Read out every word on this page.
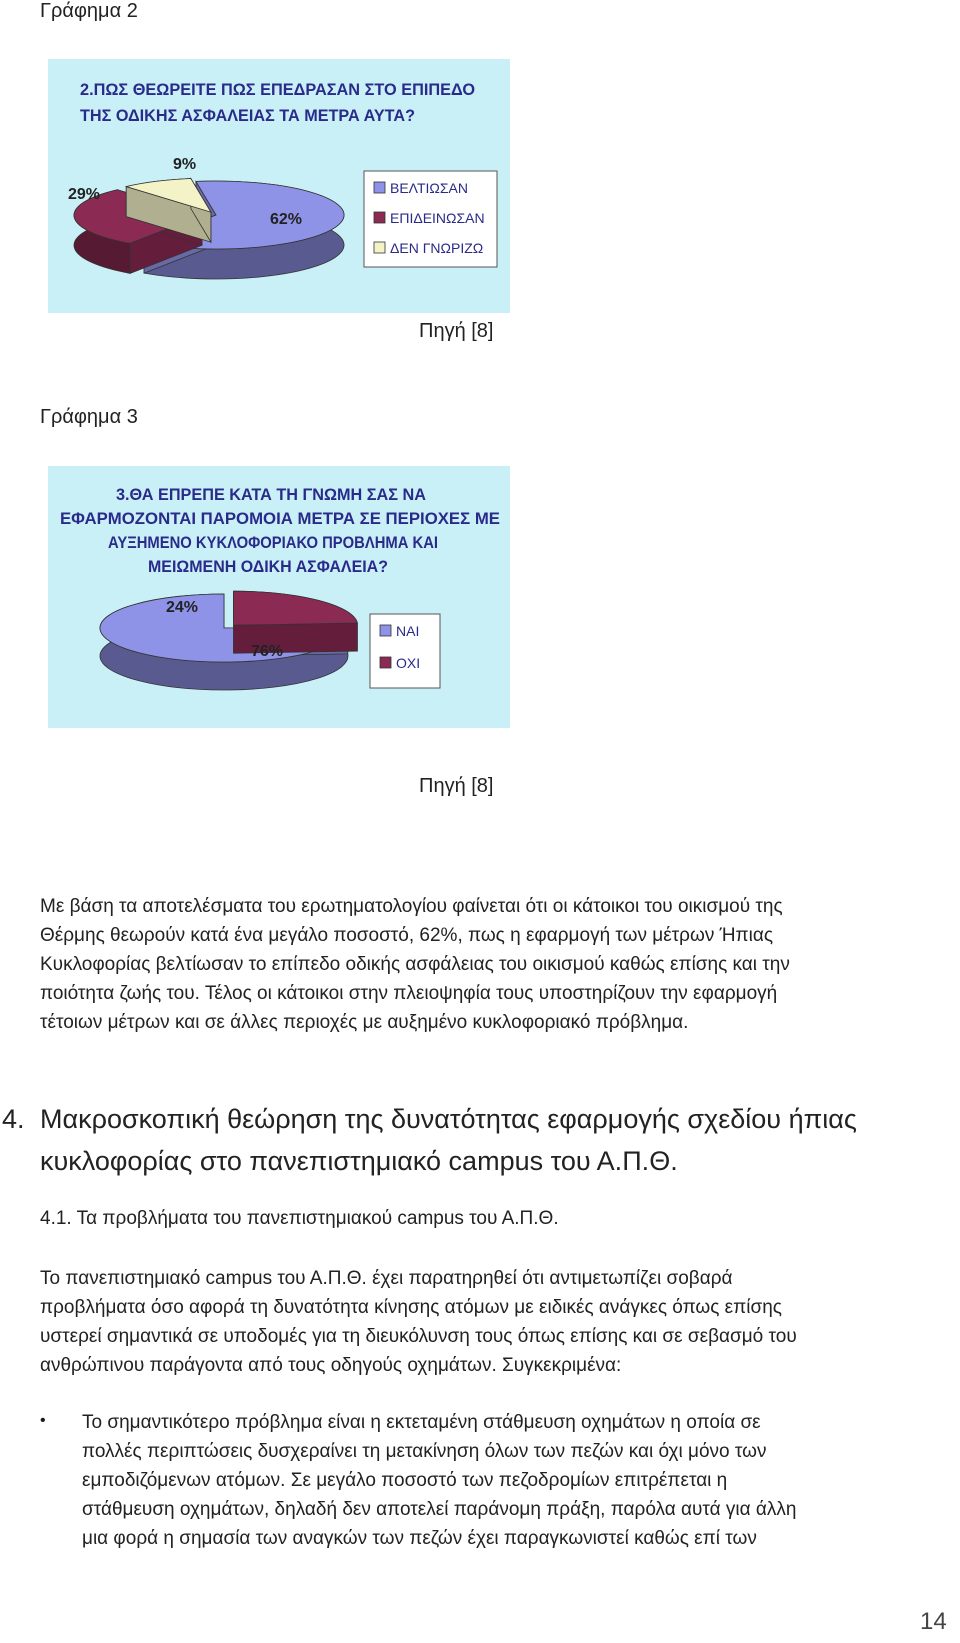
Γράφημα 2
2.ΠΩΣ ΘΕΩΡΕΙΤΕ ΠΩΣ ΕΠΕΔΡΑΣΑΝ ΣΤΟ ΕΠΙΠΕΔΟ
ΤΗΣ ΟΔΙΚΗΣ ΑΣΦΑΛΕΙΑΣ ΤΑ ΜΕΤΡΑ ΑΥΤΑ?
62%
29%
9%
ΒΕΛΤΙΩΣΑΝ
ΕΠΙΔΕΙΝΩΣΑΝ
ΔΕΝ ΓΝΩΡΙΖΩ
Πηγή [8]
Γράφημα 3
3.ΘΑ ΕΠΡΕΠΕ ΚΑΤΑ ΤΗ ΓΝΩΜΗ ΣΑΣ ΝΑ
ΕΦΑΡΜΟΖΟΝΤΑΙ ΠΑΡΟΜΟΙΑ ΜΕΤΡΑ ΣΕ ΠΕΡΙΟΧΕΣ ΜΕ
ΑΥΞΗΜΕΝΟ ΚΥΚΛΟΦΟΡΙΑΚΟ ΠΡΟΒΛΗΜΑ ΚΑΙ
ΜΕΙΩΜΕΝΗ ΟΔΙΚΗ ΑΣΦΑΛΕΙΑ?
76%
24%
ΝΑΙ
ΟΧΙ
Πηγή [8]
Με βάση τα αποτελέσματα του ερωτηματολογίου φαίνεται ότι οι κάτοικοι του οικισμού της
Θέρμης θεωρούν κατά ένα μεγάλο ποσοστό, 62%, πως η εφαρμογή των μέτρων Ήπιας
Κυκλοφορίας βελτίωσαν το επίπεδο οδικής ασφάλειας του οικισμού καθώς επίσης και την
ποιότητα ζωής του. Τέλος οι κάτοικοι στην πλειοψηφία τους υποστηρίζουν την εφαρμογή
τέτοιων μέτρων και σε άλλες περιοχές με αυξημένο κυκλοφοριακό πρόβλημα.
4. Μακροσκοπική θεώρηση της δυνατότητας εφαρμογής σχεδίου ήπιας
κυκλοφορίας στο πανεπιστημιακό campus του Α.Π.Θ.
4.1. Τα προβλήματα του πανεπιστημιακού campus του Α.Π.Θ.
Το πανεπιστημιακό campus του Α.Π.Θ. έχει παρατηρηθεί ότι αντιμετωπίζει σοβαρά
προβλήματα όσο αφορά τη δυνατότητα κίνησης ατόμων με ειδικές ανάγκες όπως επίσης
υστερεί σημαντικά σε υποδομές για τη διευκόλυνση τους όπως επίσης και σε σεβασμό του
ανθρώπινου παράγοντα από τους οδηγούς οχημάτων. Συγκεκριμένα:
• Το σημαντικότερο πρόβλημα είναι η εκτεταμένη στάθμευση οχημάτων η οποία σε
πολλές περιπτώσεις δυσχεραίνει τη μετακίνηση όλων των πεζών και όχι μόνο των
εμποδιζόμενων ατόμων. Σε μεγάλο ποσοστό των πεζοδρομίων επιτρέπεται η
στάθμευση οχημάτων, δηλαδή δεν αποτελεί παράνομη πράξη, παρόλα αυτά για άλλη
μια φορά η σημασία των αναγκών των πεζών έχει παραγκωνιστεί καθώς επί των
14
